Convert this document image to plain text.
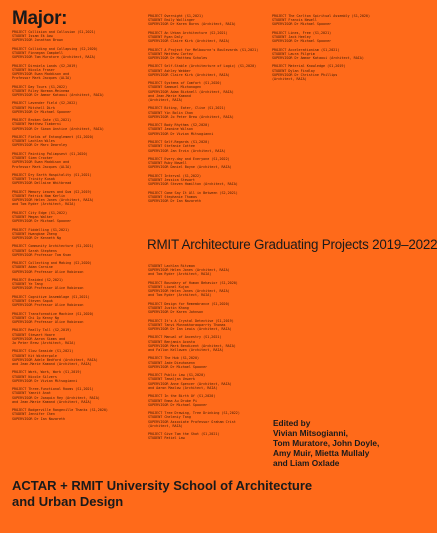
Major:

PROJECT Collision and Collusion (S1,2021)

STUDENT Issam Ek Aow

SUPERVISOR Jonathan Brown

PROJECT Colliding and Collapsing (S2,2020)

STUDENT Finnegan Campbell

SUPERVISOR Tom Muratore (Architect, RAIA)

PROJECT Dirmiela Lands (S2,2019)

STUDENT Nicola Fraser

SUPERVISOR Ewan Maddison and

Professor Mark Jacques (ALIA)

PROJECT Day Tours (S1,2022)

STUDENT Riley Norman-Meinema

SUPERVISOR Dr Ammar Kataoui (Architect, RAIA)

PROJECT Lavender Field (S2,2022)

STUDENT Mitchell Dirk

SUPERVISOR Dr Michael Spooner

PROJECT Broken Gate (S1,2021)

STUDENT Matthew Timberni

SUPERVISOR Dr Simon Anstice (Architect, RAIA)

PROJECT Fields of Entanglement (S1,2020)

STUDENT Lachlan Wiles

SUPERVISOR Dr Marc Dearnley

PROJECT Painting Palimpsest (S1,2020)

STUDENT Siem Crocker

SUPERVISOR Ewan Maddison and

Professor Mark Jacques (ALIA)

PROJECT Dry Earth Hospitality (S1,2021)

STUDENT Trinity Kusak

SUPERVISOR Dellaine Whitbread

PROJECT Memory Leaves and Gum (S2,2019)

STUDENT Patrick Nam Kerlin

SUPERVISOR Helen Jones (Architect, RAIA)

and Tom Ryder (Architect, RAIA)

PROJECT City Edge (S1,2022)

STUDENT Megan Walker

SUPERVISOR Dr Michael Spooner

PROJECT Fiddelling (S1,2021)

STUDENT Hwangbae Zheng

SUPERVISOR Dr Kenneth Ng

PROJECT Community Architecture (S1,2021)

STUDENT Sarah Stephens

SUPERVISOR Professor Tom Kvan

PROJECT Collecting and Making (S2,2020)

STUDENT Adam Carnine

SUPERVISOR Professor Alice Robinson

PROJECT Braided (S2,2021)

STUDENT Ye Tang

SUPERVISOR Professor Alice Robinson

PROJECT Cognitive Assemblage (S1,2021)

STUDENT Steven Sapuk

SUPERVISOR Professor Alice Robinson

PROJECT Transformative Machine (S1,2020)

STUDENT Chi Ip Kenny Ng

SUPERVISOR Professor Alice Robinson

PROJECT Really Tall (S2,2019)

STUDENT Stewart Hoare

SUPERVISOR Aaron Simms and

Jo Peter Brew (Architect, RAIA)

PROJECT Slow Seaside (S1,2021)

STUDENT Kit Winterpole

SUPERVISOR Adele Bedford (Architect, RAIA)

and Jean-Marie Kamand (Architect, RAIA)

PROJECT Work, Work, Work (S1,2019)

STUDENT Nicole Silvers

SUPERVISOR Dr Vivian Mitsogianni

PROJECT Three-Functional Rooms (S1,2021)

STUDENT Yamrit Anat

SUPERVISOR Dr Joaquin Rey (Architect, RAIA)

and Jean-Marie Kamand (Architect, RAIA)

PROJECT Bodgerville Rangeville Thanks (S1,2020)

STUDENT Jennifer Chen

SUPERVISOR Dr Ian Nazareth

PROJECT Overnight (S1,2021)

STUDENT Emily Wollinger

SUPERVISOR Dr Karen Burns (Architect, RAIA)

PROJECT An Urban Architecture (S2,2021)

STUDENT Ryan Daly

SUPERVISOR Claire Kirk (Architect, RAIA)

PROJECT A Project for Melbourne's Boulevards (S1,2021)

STUDENT Matthew Cortez

SUPERVISOR Dr Matthew Scholes

PROJECT Self-Stable (Architecture of Logic) (S1,2020)

STUDENT Ashley Webber

SUPERVISOR Claire Kirk (Architect, RAIA)

PROJECT Systems of Comfort (S1,2020)

STUDENT Sammuel Michanagen

SUPERVISOR Adam Bicknell (Architect, RAIA)

and Jean-Marie Kamand

(Architect, RAIA)

PROJECT Biting, Eater, Clive (S1,2021)

STUDENT Yin Bolin Chan

SUPERVISOR Jo Peter Brew (Architect, RAIA)

PROJECT Body Rhythms (S2,2020)

STUDENT Jasmine Wilson

SUPERVISOR Dr Vivian Mitsogianni

PROJECT Self-Regards (S1,2020)

STUDENT Stefanie Cottee

SUPERVISOR Jan Ervin (Architect, RAIA)

PROJECT Every-day and Everyone (S1,2022)

STUDENT Ruby Nowell

SUPERVISOR Daniel Boyne (Architect, RAIA)

PROJECT Interval (S1,2022)

STUDENT Jessica Stewart

SUPERVISOR Steven Hamilton (Architect, RAIA)

PROJECT Come Say It All in Between (S2,2021)

STUDENT Stephanie Thomas

SUPERVISOR Dr Ian Nazareth

PROJECT The Carlton Spiritual Assembly (S1,2020)

STUDENT Francis Newell

SUPERVISOR Dr Michael Spooner

PROJECT Lines, Free (S1,2021)

STUDENT Jack Heeley

SUPERVISOR Dr Michael Spooner

PROJECT Accelerationism (S1,2021)

STUDENT Laura Pilgrim

SUPERVISOR Dr Ammar Kataoui (Architect, RAIA)

PROJECT Material Knowledge (S1,2019)

STUDENT Dylan Findlay

SUPERVISOR Dr Christine Phillips

(Architect, RAIA)

RMIT Architecture Graduating Projects 2019–2022

STUDENT Lachlan Ritzman

SUPERVISOR Helen Jones (Architect, RAIA)

and Tom Ryder (Architect, RAIA)

PROJECT Boundary of Human Behavior (S1,2020)

STUDENT Lionel Kujan

SUPERVISOR Helen Jones (Architect, RAIA)

and Tom Ryder (Architect, RAIA)

PROJECT Design for Remembrance (S1,2020)

STUDENT Justin Khang

SUPERVISOR Dr Karen Johnson

PROJECT It's A Crystal Detective (S1,2019)

STUDENT Tanvi Munnakharaoparrty Thomas

SUPERVISOR Dr Ian Lewis (Architect, RAIA)

PROJECT Manual of Ancestry (S1,2021)

STUDENT Benjamin Acosta

SUPERVISOR Mark Bendicent (Architect, RAIA)

and Fallon Kellowen (Architect, RAIA)

PROJECT The Hub (S1,2020)

STUDENT Jade Dieuhosenn

SUPERVISOR Dr Michael Spooner

PROJECT Public Law (S1,2020)

STUDENT Tamaljan Unwerk

SUPERVISOR Anne Spencer (Architect, RAIA)

and Aaron Maxlow (Architect, RAIA)

PROJECT In the Birth Of (S1,2020)

STUDENT Emma Au Drube Pi

SUPERVISOR Dr Michael Spooner

PROJECT Tree Drawing, Tree Drinking (S1,2022)

STUDENT Cheleniy Tang

SUPERVISOR Associate Professor Graham Crist

(Architect, RAIA)

PROJECT Give Tom the Shot (S1,2021)

STUDENT Patiel Law

Edited by

Vivian Mitsogianni,

Tom Muratore, John Doyle,

Amy Muir, Mietta Mullaly

and Liam Oxlade

ACTAR + RMIT University School of Architecture

and Urban Design
